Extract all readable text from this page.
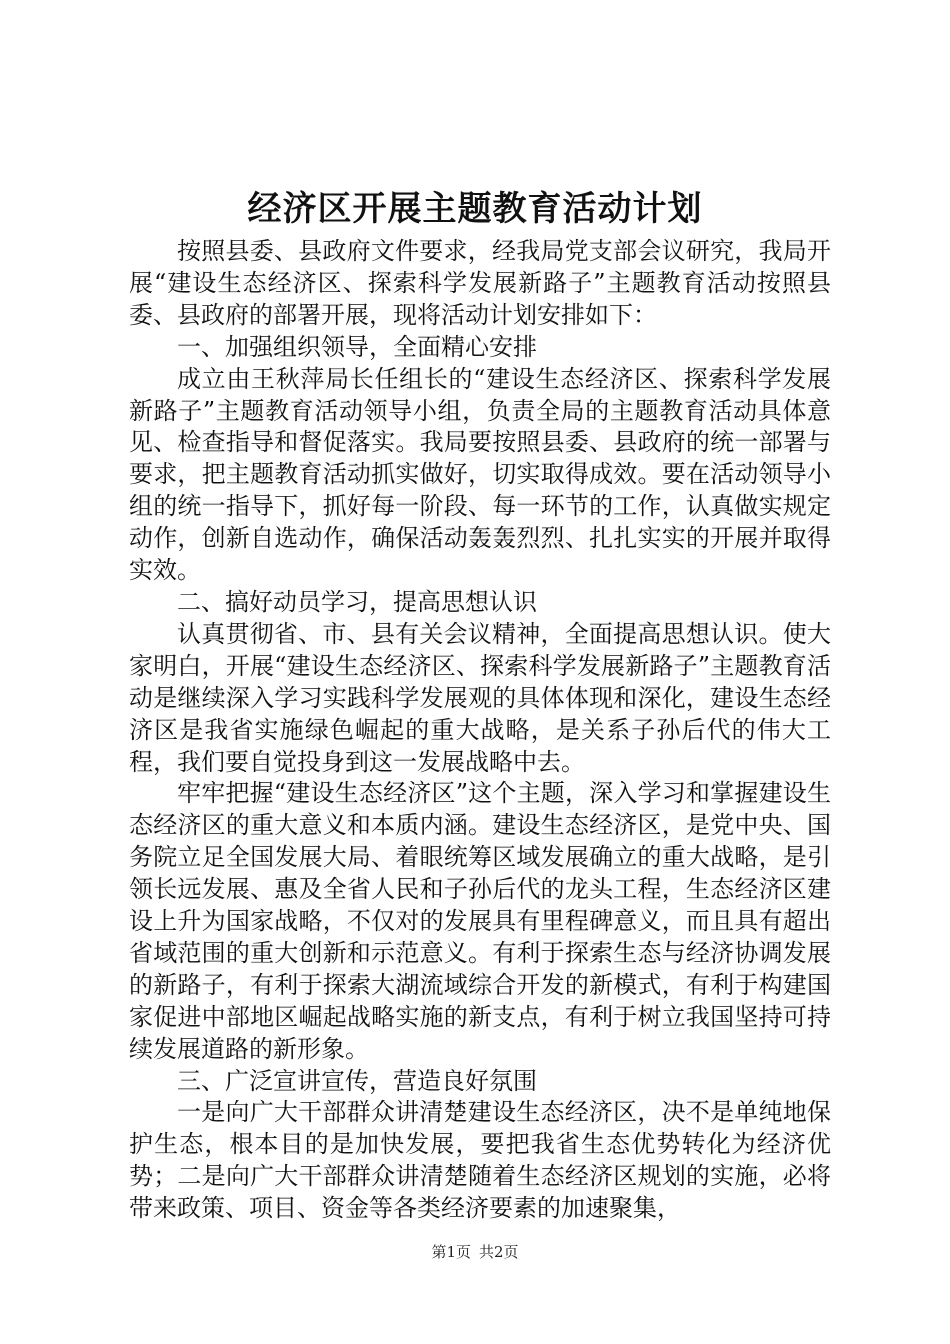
经济区开展主题教育活动计划

按照县委、县政府文件要求，经我局党支部会议研究，我局开展“建设生态经济区、探索科学发展新路子”主题教育活动按照县委、县政府的部署开展，现将活动计划安排如下：

一、加强组织领导，全面精心安排

成立由王秋萍局长任组长的“建设生态经济区、探索科学发展新路子”主题教育活动领导小组，负责全局的主题教育活动具体意见、检查指导和督促落实。我局要按照县委、县政府的统一部署与要求，把主题教育活动抓实做好，切实取得成效。要在活动领导小组的统一指导下，抓好每一阶段、每一环节的工作，认真做实规定动作，创新自选动作，确保活动轰轰烈烈、扎扎实实的开展并取得实效。

二、搞好动员学习，提高思想认识

认真贯彻省、市、县有关会议精神，全面提高思想认识。使大家明白，开展“建设生态经济区、探索科学发展新路子”主题教育活动是继续深入学习实践科学发展观的具体体现和深化，建设生态经济区是我省实施绿色崛起的重大战略，是关系子孙后代的伟大工程，我们要自觉投身到这一发展战略中去。

牢牢把握“建设生态经济区”这个主题，深入学习和掌握建设生态经济区的重大意义和本质内涵。建设生态经济区，是党中央、国务院立足全国发展大局、着眼统筹区域发展确立的重大战略，是引领长远发展、惠及全省人民和子孙后代的龙头工程，生态经济区建设上升为国家战略，不仅对的发展具有里程碑意义，而且具有超出省域范围的重大创新和示范意义。有利于探索生态与经济协调发展的新路子，有利于探索大湖流域综合开发的新模式，有利于构建国家促进中部地区崛起战略实施的新支点，有利于树立我国坚持可持续发展道路的新形象。

三、广泛宣讲宣传，营造良好氛围

一是向广大干部群众讲清楚建设生态经济区，决不是单纯地保护生态，根本目的是加快发展，要把我省生态优势转化为经济优势；二是向广大干部群众讲清楚随着生态经济区规划的实施，必将带来政策、项目、资金等各类经济要素的加速聚集，

第1页 共2页
